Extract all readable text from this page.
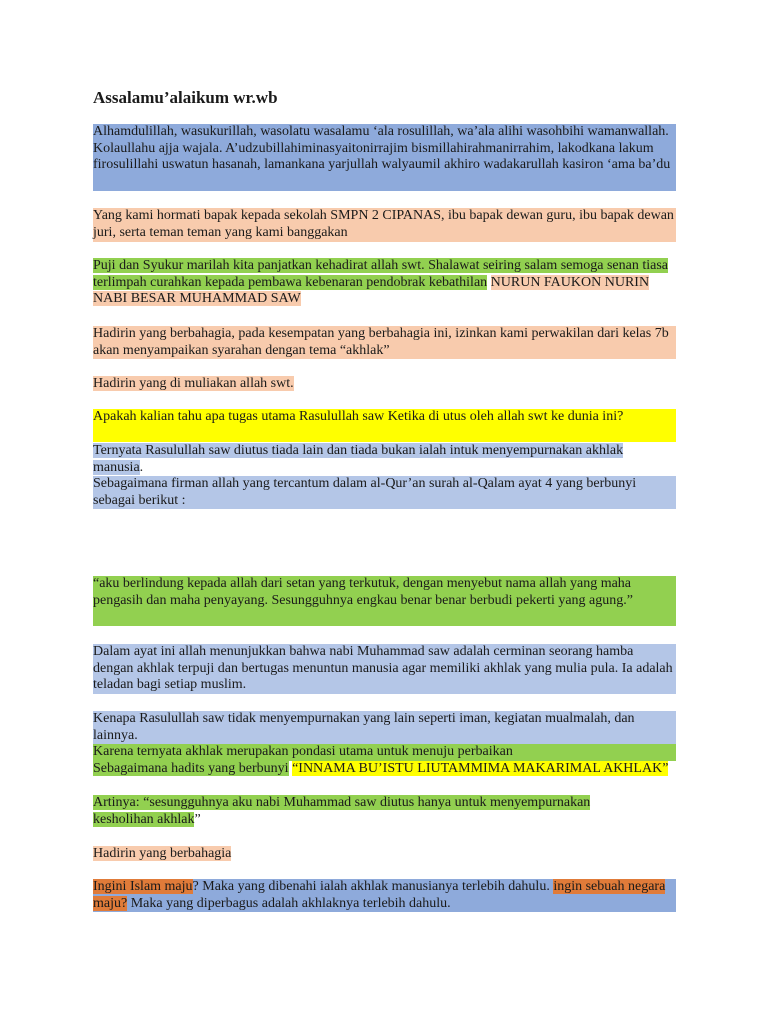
Assalamu’alaikum wr.wb
Alhamdulillah, wasukurillah, wasolatu wasalamu ‘ala rosulillah, wa’ala alihi wasohbihi wamanwallah. Kolaullahu ajja wajala. A’udzubillahiminasyaitonirrajim bismillahirahmanirrahim, lakodkana lakum firosulillahi uswatun hasanah, lamankana yarjullah walyaumil akhiro wadakarullah kasiron ‘ama ba’du
Yang kami hormati bapak kepada sekolah SMPN 2 CIPANAS, ibu bapak dewan guru, ibu bapak dewan juri, serta teman teman yang kami banggakan
Puji dan Syukur marilah kita panjatkan kehadirat allah swt. Shalawat seiring salam semoga senan tiasa terlimpah curahkan kepada pembawa kebenaran pendobrak kebathilan NURUN FAUKON NURIN NABI BESAR MUHAMMAD SAW
Hadirin yang berbahagia, pada kesempatan yang berbahagia ini, izinkan kami perwakilan dari kelas 7b akan menyampaikan syarahan dengan tema “akhlak”
Hadirin yang di muliakan allah swt.
Apakah kalian tahu apa tugas utama Rasulullah saw Ketika di utus oleh allah swt ke dunia ini?
Ternyata Rasulullah saw diutus tiada lain dan tiada bukan ialah intuk menyempurnakan akhlak manusia.
Sebagaimana firman allah yang tercantum dalam al-Qur’an surah al-Qalam ayat 4 yang berbunyi sebagai berikut :
“aku berlindung kepada allah dari setan yang terkutuk, dengan menyebut nama allah yang maha pengasih dan maha penyayang. Sesungguhnya engkau benar benar berbudi pekerti yang agung.”
Dalam ayat ini allah menunjukkan bahwa nabi Muhammad saw adalah cerminan seorang hamba dengan akhlak terpuji dan bertugas menuntun manusia agar memiliki akhlak yang mulia pula. Ia adalah teladan bagi setiap muslim.
Kenapa Rasulullah saw tidak menyempurnakan yang lain seperti iman, kegiatan mualmalah, dan lainnya.
Karena ternyata akhlak merupakan pondasi utama untuk menuju perbaikan
Sebagaimana hadits yang berbunyi “INNAMA BU’ISTU LIUTAMMIMA MAKARIMAL AKHLAK”
Artinya: “sesungguhnya aku nabi Muhammad saw diutus hanya untuk menyempurnakan kesholihan akhlak”
Hadirin yang berbahagia
Ingini Islam maju? Maka yang dibenahi ialah akhlak manusianya terlebih dahulu. ingin sebuah negara maju? Maka yang diperbagus adalah akhlaknya terlebih dahulu.
